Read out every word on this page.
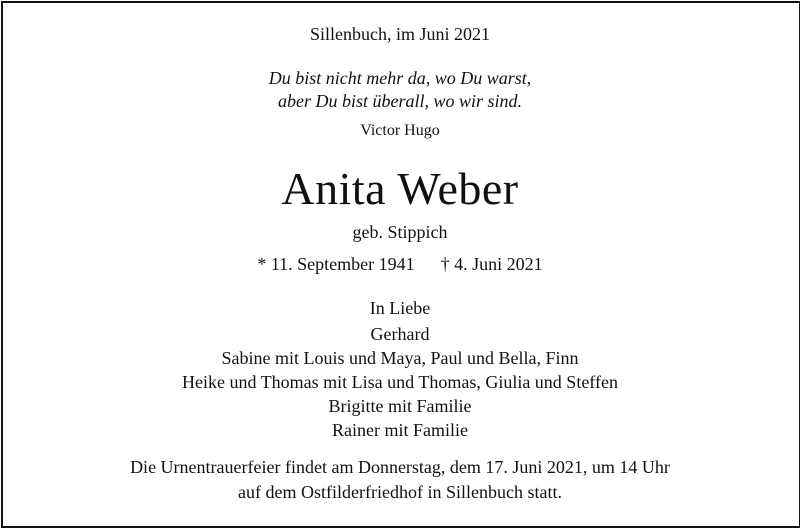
Sillenbuch, im Juni 2021
Du bist nicht mehr da, wo Du warst,
aber Du bist überall, wo wir sind.
Victor Hugo
Anita Weber
geb. Stippich
* 11. September 1941 † 4. Juni 2021
In Liebe
Gerhard
Sabine mit Louis und Maya, Paul und Bella, Finn
Heike und Thomas mit Lisa und Thomas, Giulia und Steffen
Brigitte mit Familie
Rainer mit Familie
Die Urnentrauerfeier findet am Donnerstag, dem 17. Juni 2021, um 14 Uhr
auf dem Ostfilderfriedhof in Sillenbuch statt.
